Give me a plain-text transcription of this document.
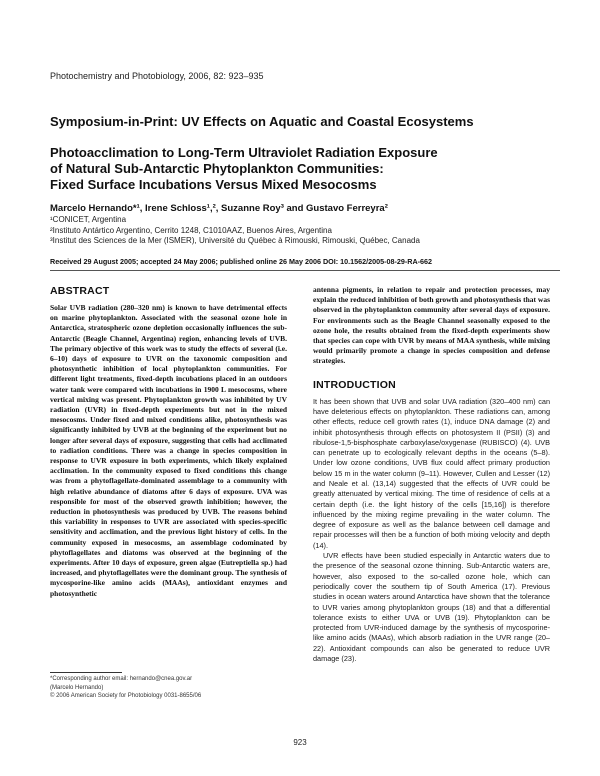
Photochemistry and Photobiology, 2006, 82: 923–935
Symposium-in-Print: UV Effects on Aquatic and Coastal Ecosystems
Photoacclimation to Long-Term Ultraviolet Radiation Exposure
of Natural Sub-Antarctic Phytoplankton Communities:
Fixed Surface Incubations Versus Mixed Mesocosms
Marcelo Hernando*¹, Irene Schloss¹,², Suzanne Roy³ and Gustavo Ferreyra²
¹CONICET, Argentina
²Instituto Antártico Argentino, Cerrito 1248, C1010AAZ, Buenos Aires, Argentina
³Institut des Sciences de la Mer (ISMER), Université du Québec à Rimouski, Rimouski, Québec, Canada
Received 29 August 2005; accepted 24 May 2006; published online 26 May 2006 DOI: 10.1562/2005-08-29-RA-662
ABSTRACT

Solar UVB radiation (280–320 nm) is known to have detrimental effects on marine phytoplankton. Associated with the seasonal ozone hole in Antarctica, stratospheric ozone depletion occasionally influences the sub-Antarctic (Beagle Channel, Argentina) region, enhancing levels of UVB. The primary objective of this work was to study the effects of several (i.e. 6–10) days of exposure to UVR on the taxonomic composition and photosynthetic inhibition of local phytoplankton communities. For different light treatments, fixed-depth incubations placed in an outdoors water tank were compared with incubations in 1900 L mesocosms, where vertical mixing was present. Phytoplankton growth was inhibited by UV radiation (UVR) in fixed-depth experiments but not in the mixed mesocosms. Under fixed and mixed conditions alike, photosynthesis was significantly inhibited by UVB at the beginning of the experiment but no longer after several days of exposure, suggesting that cells had acclimated to radiation conditions. There was a change in species composition in response to UVR exposure in both experiments, which likely explained acclimation. In the community exposed to fixed conditions this change was from a phytoflagellate-dominated assemblage to a community with high relative abundance of diatoms after 6 days of exposure. UVA was responsible for most of the observed growth inhibition; however, the reduction in photosynthesis was produced by UVB. The reasons behind this variability in responses to UVR are associated with species-specific sensitivity and acclimation, and the previous light history of cells. In the community exposed in mesocosms, an assemblage codominated by phytoflagellates and diatoms was observed at the beginning of the experiments. After 10 days of exposure, green algae (Eutreptiella sp.) had increased, and phytoflagellates were the dominant group. The synthesis of mycosporine-like amino acids (MAAs), antioxidant enzymes and photosynthetic

antenna pigments, in relation to repair and protection processes, may explain the reduced inhibition of both growth and photosynthesis that was observed in the phytoplankton community after several days of exposure. For environments such as the Beagle Channel seasonally exposed to the ozone hole, the results obtained from the fixed-depth experiments show that species can cope with UVR by means of MAA synthesis, while mixing would primarily promote a change in species composition and defense strategies.

INTRODUCTION

It has been shown that UVB and solar UVA radiation (320–400 nm) can have deleterious effects on phytoplankton. These radiations can, among other effects, reduce cell growth rates (1), induce DNA damage (2) and inhibit photosynthesis through effects on photosystem II (PSII) (3) and ribulose-1,5-bisphosphate carboxylase/oxygenase (RUBISCO) (4). UVB can penetrate up to ecologically relevant depths in the oceans (5–8). Under low ozone conditions, UVB flux could affect primary production below 15 m in the water column (9–11). However, Cullen and Lesser (12) and Neale et al. (13,14) suggested that the effects of UVR could be greatly attenuated by vertical mixing. The time of residence of cells at a certain depth (i.e. the light history of the cells [15,16]) is therefore influenced by the mixing regime prevailing in the water column. The degree of exposure as well as the balance between cell damage and repair processes will then be a function of both mixing velocity and depth (14).

UVR effects have been studied especially in Antarctic waters due to the presence of the seasonal ozone thinning. Sub-Antarctic waters are, however, also exposed to the so-called ozone hole, which can periodically cover the southern tip of South America (17). Previous studies in ocean waters around Antarctica have shown that the tolerance to UVR varies among phytoplankton groups (18) and that a differential tolerance exists to either UVA or UVB (19). Phytoplankton can be protected from UVR-induced damage by the synthesis of mycosporine-like amino acids (MAAs), which absorb radiation in the UVR range (20–22). Antioxidant compounds can also be generated to reduce UVR damage (23).

*Corresponding author email: hernando@cnea.gov.ar
(Marcelo Hernando)
© 2006 American Society for Photobiology 0031-8655/06
923
